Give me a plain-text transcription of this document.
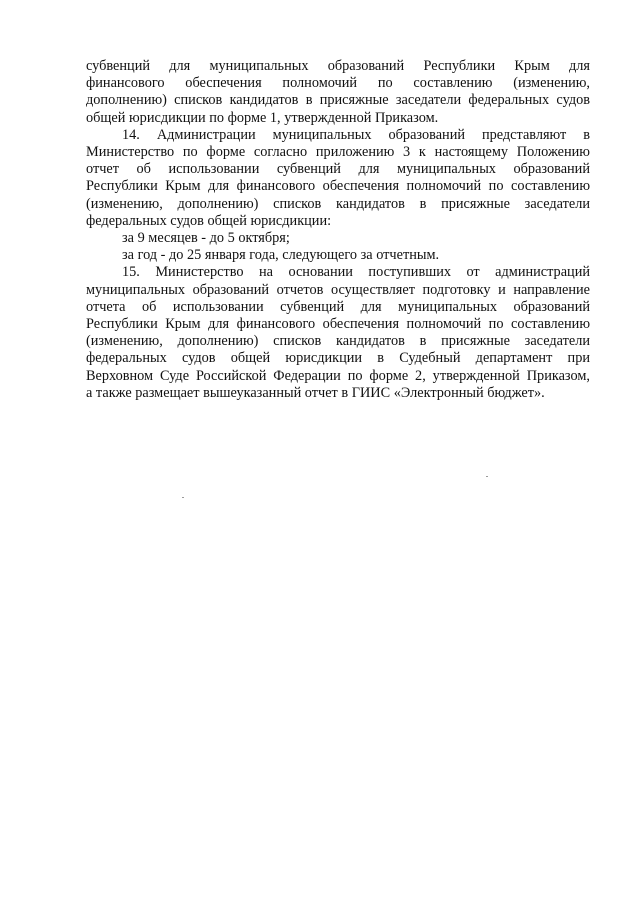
субвенций для муниципальных образований Республики Крым для
финансового обеспечения полномочий по составлению (изменению,
дополнению) списков кандидатов в присяжные заседатели федеральных судов
общей юрисдикции по форме 1, утвержденной Приказом.
14. Администрации муниципальных образований представляют в
Министерство по форме согласно приложению 3 к настоящему Положению
отчет об использовании субвенций для муниципальных образований
Республики Крым для финансового обеспечения полномочий по составлению
(изменению, дополнению) списков кандидатов в присяжные заседатели
федеральных судов общей юрисдикции:
за 9 месяцев - до 5 октября;
за год - до 25 января года, следующего за отчетным.
15. Министерство на основании поступивших от администраций
муниципальных образований отчетов осуществляет подготовку и направление
отчета об использовании субвенций для муниципальных образований
Республики Крым для финансового обеспечения полномочий по составлению
(изменению, дополнению) списков кандидатов в присяжные заседатели
федеральных судов общей юрисдикции в Судебный департамент при
Верховном Суде Российской Федерации по форме 2, утвержденной Приказом,
а также размещает вышеуказанный отчет в ГИИС «Электронный бюджет».
